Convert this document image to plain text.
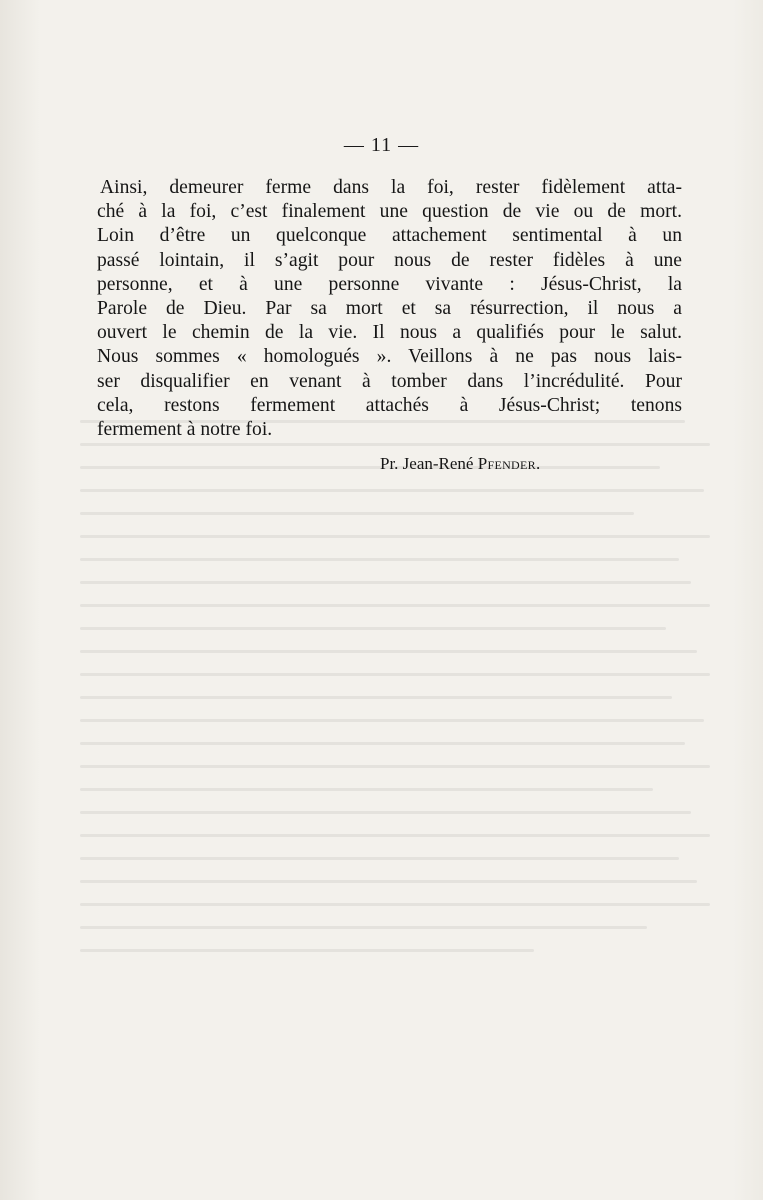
— 11 —

Ainsi, demeurer ferme dans la foi, rester fidèlement atta-
ché à la foi, c’est finalement une question de vie ou de mort.
Loin d’être un quelconque attachement sentimental à un
passé lointain, il s’agit pour nous de rester fidèles à une
personne, et à une personne vivante : Jésus-Christ, la
Parole de Dieu. Par sa mort et sa résurrection, il nous a
ouvert le chemin de la vie. Il nous a qualifiés pour le salut.
Nous sommes « homologués ». Veillons à ne pas nous lais-
ser disqualifier en venant à tomber dans l’incrédulité. Pour
cela, restons fermement attachés à Jésus-Christ; tenons
fermement à notre foi.

Pr. Jean-René Pfender.
